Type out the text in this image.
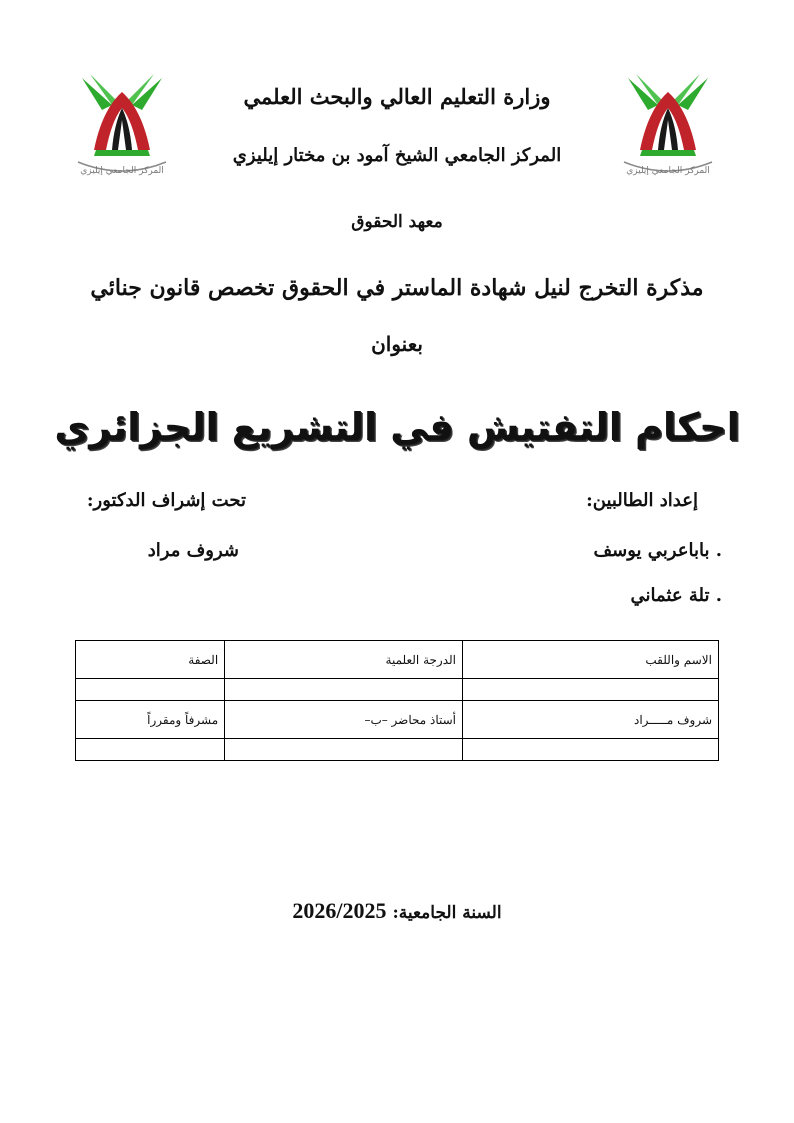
المركز الجامعي إيليزي	المركز الجامعي إيليزي
وزارة التعليم العالي والبحث العلمي
المركز الجامعي الشيخ آمود بن مختار إيليزي
معهد الحقوق
مذكرة التخرج لنيل شهادة الماستر في الحقوق تخصص قانون جنائي
بعنوان
احكام التفتيش في التشريع الجزائري
إعداد الطالبين:
تحت إشراف الدكتور:
. باباعربي يوسف
شروف مراد
. تلة عثماني
الاسم واللقب	الدرجة العلمية	الصفة

شروف مـــــراد	أستاذ محاضر –ب–	مشرفاً ومقرراً

السنة الجامعية: 2026/2025
